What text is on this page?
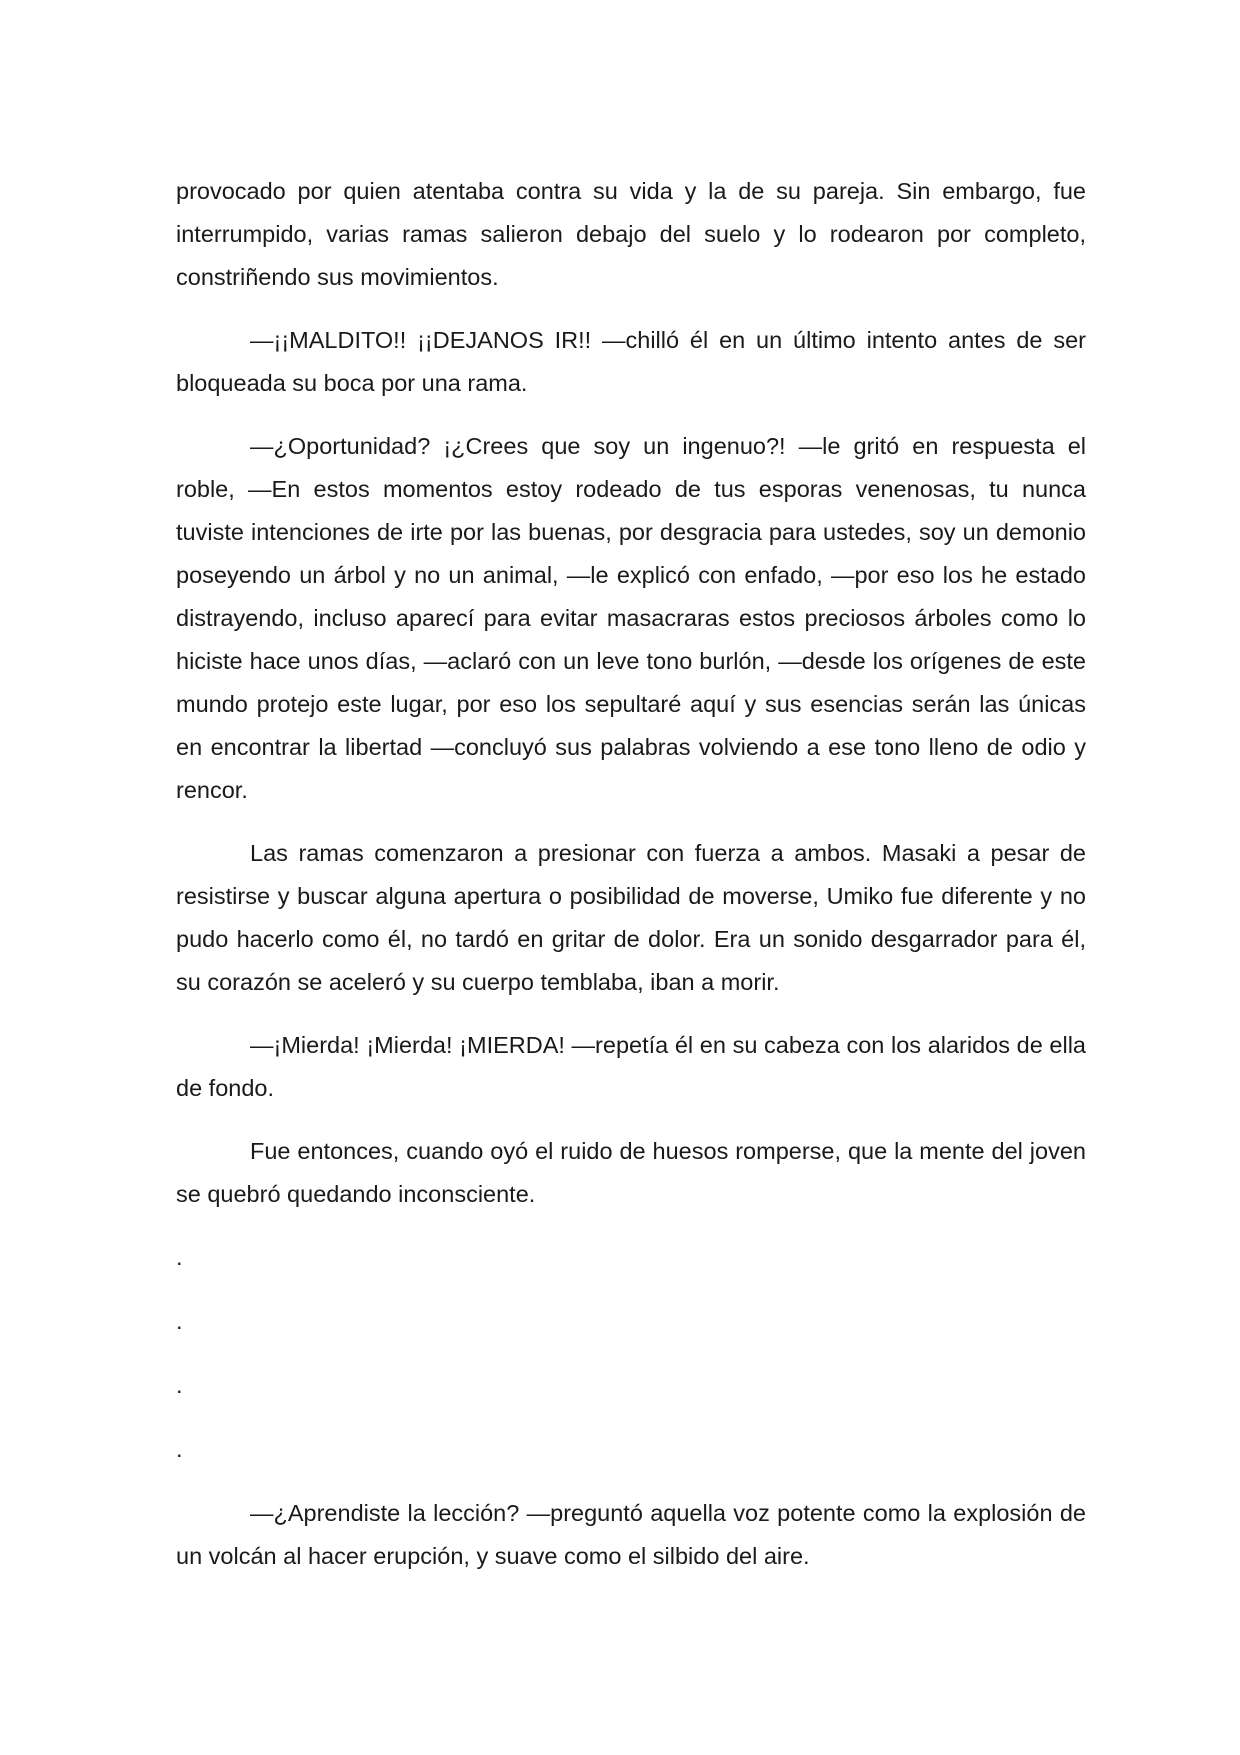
provocado por quien atentaba contra su vida y la de su pareja. Sin embargo, fue interrumpido, varias ramas salieron debajo del suelo y lo rodearon por completo, constriñendo sus movimientos.

—¡¡MALDITO!! ¡¡DEJANOS IR!! —chilló él en un último intento antes de ser bloqueada su boca por una rama.

—¿Oportunidad? ¡¿Crees que soy un ingenuo?! —le gritó en respuesta el roble, —En estos momentos estoy rodeado de tus esporas venenosas, tu nunca tuviste intenciones de irte por las buenas, por desgracia para ustedes, soy un demonio poseyendo un árbol y no un animal, —le explicó con enfado, —por eso los he estado distrayendo, incluso aparecí para evitar masacraras estos preciosos árboles como lo hiciste hace unos días, —aclaró con un leve tono burlón, —desde los orígenes de este mundo protejo este lugar, por eso los sepultaré aquí y sus esencias serán las únicas en encontrar la libertad —concluyó sus palabras volviendo a ese tono lleno de odio y rencor.

Las ramas comenzaron a presionar con fuerza a ambos. Masaki a pesar de resistirse y buscar alguna apertura o posibilidad de moverse, Umiko fue diferente y no pudo hacerlo como él, no tardó en gritar de dolor. Era un sonido desgarrador para él, su corazón se aceleró y su cuerpo temblaba, iban a morir.

—¡Mierda! ¡Mierda! ¡MIERDA! —repetía él en su cabeza con los alaridos de ella de fondo.

Fue entonces, cuando oyó el ruido de huesos romperse, que la mente del joven se quebró quedando inconsciente.

.

.

.

.

—¿Aprendiste la lección? —preguntó aquella voz potente como la explosión de un volcán al hacer erupción, y suave como el silbido del aire.
